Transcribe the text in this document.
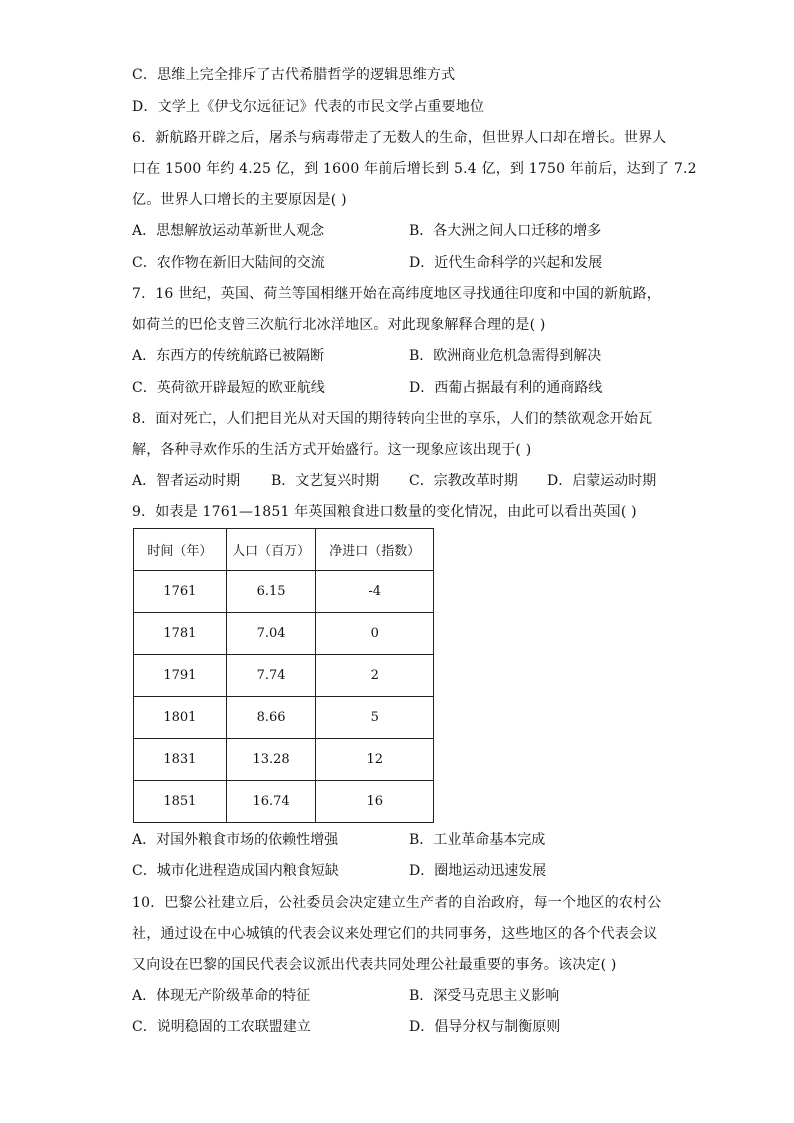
C．思维上完全排斥了古代希腊哲学的逻辑思维方式
D．文学上《伊戈尔远征记》代表的市民文学占重要地位
6．新航路开辟之后，屠杀与病毒带走了无数人的生命，但世界人口却在增长。世界人
口在 1500 年约 4.25 亿，到 1600 年前后增长到 5.4 亿，到 1750 年前后，达到了 7.2
亿。世界人口增长的主要原因是( )
A．思想解放运动革新世人观念	B．各大洲之间人口迁移的增多
C．农作物在新旧大陆间的交流	D．近代生命科学的兴起和发展
7．16 世纪，英国、荷兰等国相继开始在高纬度地区寻找通往印度和中国的新航路，
如荷兰的巴伦支曾三次航行北冰洋地区。对此现象解释合理的是( )
A．东西方的传统航路已被隔断	B．欧洲商业危机急需得到解决
C．英荷欲开辟最短的欧亚航线	D．西葡占据最有利的通商路线
8．面对死亡，人们把目光从对天国的期待转向尘世的享乐，人们的禁欲观念开始瓦
解，各种寻欢作乐的生活方式开始盛行。这一现象应该出现于( )
A．智者运动时期 B．文艺复兴时期 C．宗教改革时期 D．启蒙运动时期
9．如表是 1761—1851 年英国粮食进口数量的变化情况，由此可以看出英国( )
时间（年）	人口（百万）	净进口（指数）
1761	6.15	-4
1781	7.04	0
1791	7.74	2
1801	8.66	5
1831	13.28	12
1851	16.74	16
A．对国外粮食市场的依赖性增强	B．工业革命基本完成
C．城市化进程造成国内粮食短缺	D．圈地运动迅速发展
10．巴黎公社建立后，公社委员会决定建立生产者的自治政府，每一个地区的农村公
社，通过设在中心城镇的代表会议来处理它们的共同事务，这些地区的各个代表会议
又向设在巴黎的国民代表会议派出代表共同处理公社最重要的事务。该决定( )
A．体现无产阶级革命的特征	B．深受马克思主义影响
C．说明稳固的工农联盟建立	D．倡导分权与制衡原则
